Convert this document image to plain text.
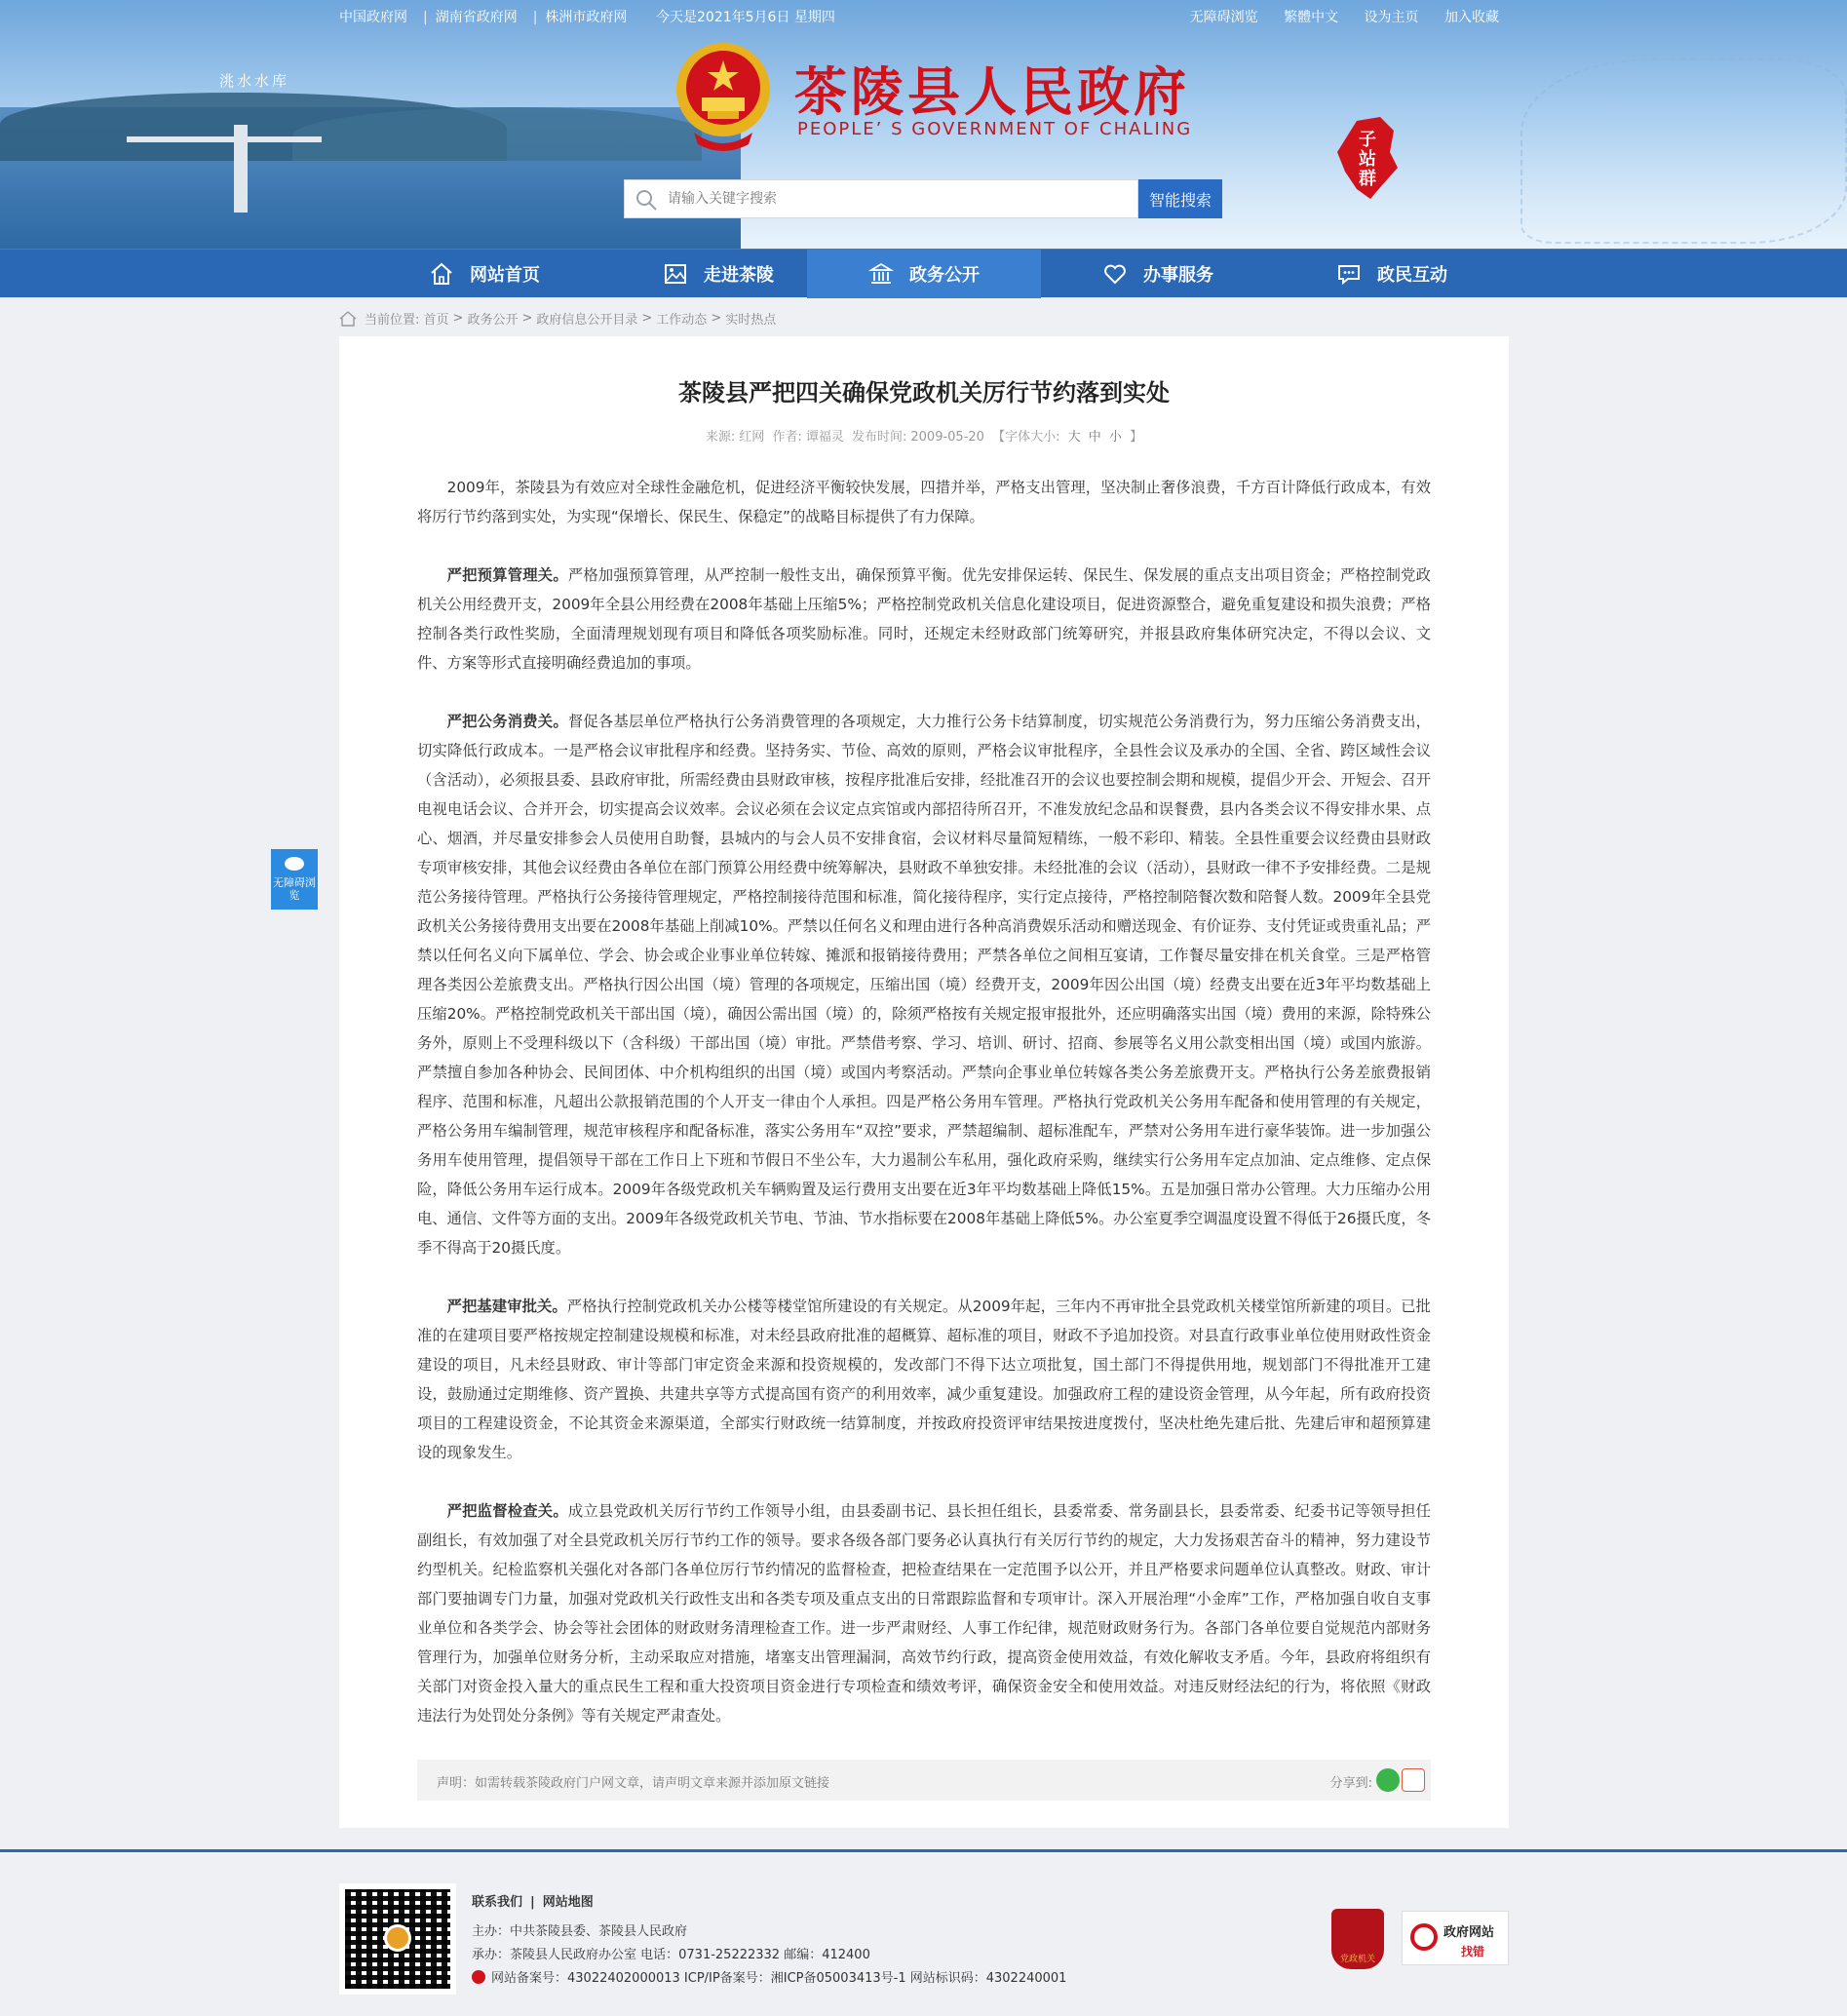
洮水水库
中国政府网 | 湖南省政府网 | 株洲市政府网	今天是2021年5月6日 星期四	无障碍浏览 繁體中文 设为主页 加入收藏
茶陵县人民政府
PEOPLE’ S GOVERNMENT OF CHALING
子站群
请输入关键字搜索
智能搜索
网站首页	走进茶陵	政务公开	办事服务	政民互动
当前位置:
首页 > 政务公开 > 政府信息公开目录 > 工作动态 > 实时热点
茶陵县严把四关确保党政机关厉行节约落到实处
来源: 红网 作者: 谭福灵 发布时间: 2009-05-20 【字体大小: 大 中 小 】

2009年，茶陵县为有效应对全球性金融危机，促进经济平衡较快发展，四措并举，严格支出管理，坚决制止奢侈浪费，千方百计降低行政成本，有效将厉行节约落到实处，为实现“保增长、保民生、保稳定”的战略目标提供了有力保障。

严把预算管理关。严格加强预算管理，从严控制一般性支出，确保预算平衡。优先安排保运转、保民生、保发展的重点支出项目资金；严格控制党政机关公用经费开支，2009年全县公用经费在2008年基础上压缩5%；严格控制党政机关信息化建设项目，促进资源整合，避免重复建设和损失浪费；严格控制各类行政性奖励，全面清理规划现有项目和降低各项奖励标准。同时，还规定未经财政部门统筹研究，并报县政府集体研究决定，不得以会议、文件、方案等形式直接明确经费追加的事项。

严把公务消费关。督促各基层单位严格执行公务消费管理的各项规定，大力推行公务卡结算制度，切实规范公务消费行为，努力压缩公务消费支出，切实降低行政成本。一是严格会议审批程序和经费。坚持务实、节俭、高效的原则，严格会议审批程序，全县性会议及承办的全国、全省、跨区域性会议（含活动），必须报县委、县政府审批，所需经费由县财政审核，按程序批准后安排，经批准召开的会议也要控制会期和规模，提倡少开会、开短会、召开电视电话会议、合并开会，切实提高会议效率。会议必须在会议定点宾馆或内部招待所召开，不准发放纪念品和误餐费，县内各类会议不得安排水果、点心、烟酒，并尽量安排参会人员使用自助餐，县城内的与会人员不安排食宿，会议材料尽量简短精练，一般不彩印、精装。全县性重要会议经费由县财政专项审核安排，其他会议经费由各单位在部门预算公用经费中统筹解决，县财政不单独安排。未经批准的会议（活动），县财政一律不予安排经费。二是规范公务接待管理。严格执行公务接待管理规定，严格控制接待范围和标准，简化接待程序，实行定点接待，严格控制陪餐次数和陪餐人数。2009年全县党政机关公务接待费用支出要在2008年基础上削减10%。严禁以任何名义和理由进行各种高消费娱乐活动和赠送现金、有价证券、支付凭证或贵重礼品；严禁以任何名义向下属单位、学会、协会或企业事业单位转嫁、摊派和报销接待费用；严禁各单位之间相互宴请，工作餐尽量安排在机关食堂。三是严格管理各类因公差旅费支出。严格执行因公出国（境）管理的各项规定，压缩出国（境）经费开支，2009年因公出国（境）经费支出要在近3年平均数基础上压缩20%。严格控制党政机关干部出国（境），确因公需出国（境）的，除须严格按有关规定报审报批外，还应明确落实出国（境）费用的来源，除特殊公务外，原则上不受理科级以下（含科级）干部出国（境）审批。严禁借考察、学习、培训、研讨、招商、参展等名义用公款变相出国（境）或国内旅游。严禁擅自参加各种协会、民间团体、中介机构组织的出国（境）或国内考察活动。严禁向企事业单位转嫁各类公务差旅费开支。严格执行公务差旅费报销程序、范围和标准，凡超出公款报销范围的个人开支一律由个人承担。四是严格公务用车管理。严格执行党政机关公务用车配备和使用管理的有关规定，严格公务用车编制管理，规范审核程序和配备标准，落实公务用车“双控”要求，严禁超编制、超标准配车，严禁对公务用车进行豪华装饰。进一步加强公务用车使用管理，提倡领导干部在工作日上下班和节假日不坐公车，大力遏制公车私用，强化政府采购，继续实行公务用车定点加油、定点维修、定点保险，降低公务用车运行成本。2009年各级党政机关车辆购置及运行费用支出要在近3年平均数基础上降低15%。五是加强日常办公管理。大力压缩办公用电、通信、文件等方面的支出。2009年各级党政机关节电、节油、节水指标要在2008年基础上降低5%。办公室夏季空调温度设置不得低于26摄氏度，冬季不得高于20摄氏度。

严把基建审批关。严格执行控制党政机关办公楼等楼堂馆所建设的有关规定。从2009年起，三年内不再审批全县党政机关楼堂馆所新建的项目。已批准的在建项目要严格按规定控制建设规模和标准，对未经县政府批准的超概算、超标准的项目，财政不予追加投资。对县直行政事业单位使用财政性资金建设的项目，凡未经县财政、审计等部门审定资金来源和投资规模的，发改部门不得下达立项批复，国土部门不得提供用地，规划部门不得批准开工建设，鼓励通过定期维修、资产置换、共建共享等方式提高国有资产的利用效率，减少重复建设。加强政府工程的建设资金管理，从今年起，所有政府投资项目的工程建设资金，不论其资金来源渠道，全部实行财政统一结算制度，并按政府投资评审结果按进度拨付，坚决杜绝先建后批、先建后审和超预算建设的现象发生。

严把监督检查关。成立县党政机关厉行节约工作领导小组，由县委副书记、县长担任组长，县委常委、常务副县长，县委常委、纪委书记等领导担任副组长，有效加强了对全县党政机关厉行节约工作的领导。要求各级各部门要务必认真执行有关厉行节约的规定，大力发扬艰苦奋斗的精神，努力建设节约型机关。纪检监察机关强化对各部门各单位厉行节约情况的监督检查，把检查结果在一定范围予以公开，并且严格要求问题单位认真整改。财政、审计部门要抽调专门力量，加强对党政机关行政性支出和各类专项及重点支出的日常跟踪监督和专项审计。深入开展治理“小金库”工作，严格加强自收自支事业单位和各类学会、协会等社会团体的财政财务清理检查工作。进一步严肃财经、人事工作纪律，规范财政财务行为。各部门各单位要自觉规范内部财务管理行为，加强单位财务分析，主动采取应对措施，堵塞支出管理漏洞，高效节约行政，提高资金使用效益，有效化解收支矛盾。今年，县政府将组织有关部门对资金投入量大的重点民生工程和重大投资项目资金进行专项检查和绩效考评，确保资金安全和使用效益。对违反财经法纪的行为，将依照《财政违法行为处罚处分条例》等有关规定严肃查处。

声明：如需转载茶陵政府门户网文章，请声明文章来源并添加原文链接	分享到:
无障碍浏览
联系我们 | 网站地图
主办：中共茶陵县委、茶陵县人民政府
承办：茶陵县人民政府办公室 电话：0731-25222332 邮编：412400
网站备案号：43022402000013 ICP/IP备案号：湘ICP备05003413号-1 网站标识码：4302240001
党政机关
政府网站
找错
